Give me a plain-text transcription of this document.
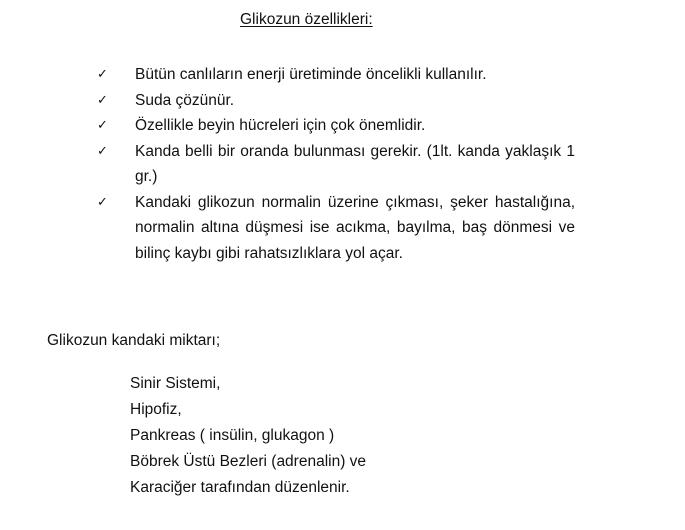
Glikozun özellikleri:
✓ Bütün canlıların enerji üretiminde öncelikli kullanılır.
✓ Suda çözünür.
✓ Özellikle beyin hücreleri için çok önemlidir.
✓ Kanda belli bir oranda bulunması gerekir. (1lt. kanda yaklaşık 1 gr.)
✓ Kandaki glikozun normalin üzerine çıkması, şeker hastalığına, normalin altına düşmesi ise acıkma, bayılma, baş dönmesi ve bilinç kaybı gibi rahatsızlıklara yol açar.
Glikozun kandaki miktarı;
Sinir Sistemi,
Hipofiz,
Pankreas ( insülin, glukagon )
Böbrek Üstü Bezleri (adrenalin) ve
Karaciğer tarafından düzenlenir.
